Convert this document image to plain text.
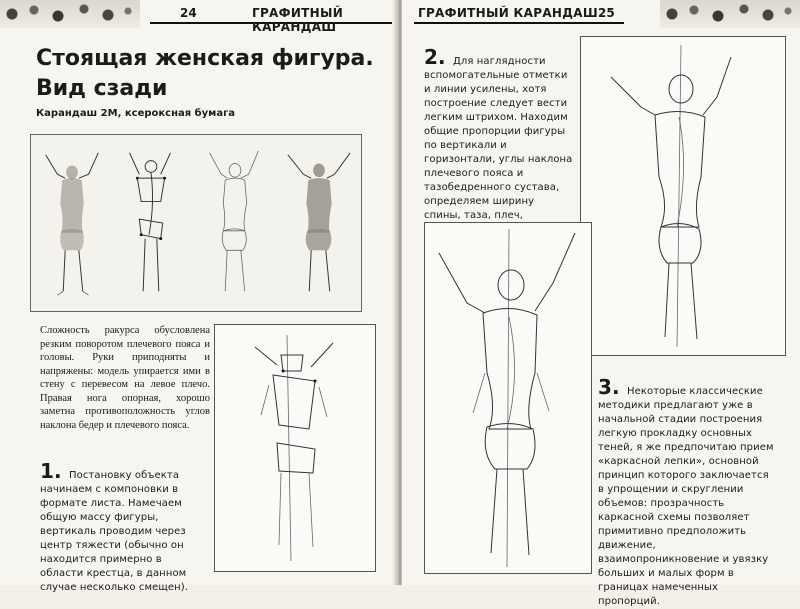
24	ГРАФИТНЫЙ КАРАНДАШ
Стоящая женская фигура.
Вид сзади
Карандаш 2М, ксероксная бумага
Сложность ракурса обусловлена резким поворотом плечевого пояса и головы. Руки приподняты и напряжены: модель упирается ими в стену с перевесом на левое плечо. Правая нога опорная, хорошо заметна противоположность углов наклона бедер и плечевого пояса.
1. Постановку объекта начинаем с компоновки в формате листа. Намечаем общую массу фигуры, вертикаль проводим через центр тяжести (обычно он находится примерно в области крестца, в данном случае несколько смещен).
ГРАФИТНЫЙ КАРАНДАШ 25
2. Для наглядности вспомогательные отметки и линии усилены, хотя построение следует вести легким штрихом. Находим общие пропорции фигуры по вертикали и горизонтали, углы наклона плечевого пояса и тазобедренного сустава, определяем ширину спины, таза, плеч,
3. Некоторые классические методики предлагают уже в начальной стадии построения легкую прокладку основных теней, я же предпочитаю прием «каркасной лепки», основной принцип которого заключается в упрощении и скруглении объемов: прозрачность каркасной схемы позволяет примитивно предположить движение, взаимопроникновение и увязку больших и малых форм в границах намеченных пропорций.
